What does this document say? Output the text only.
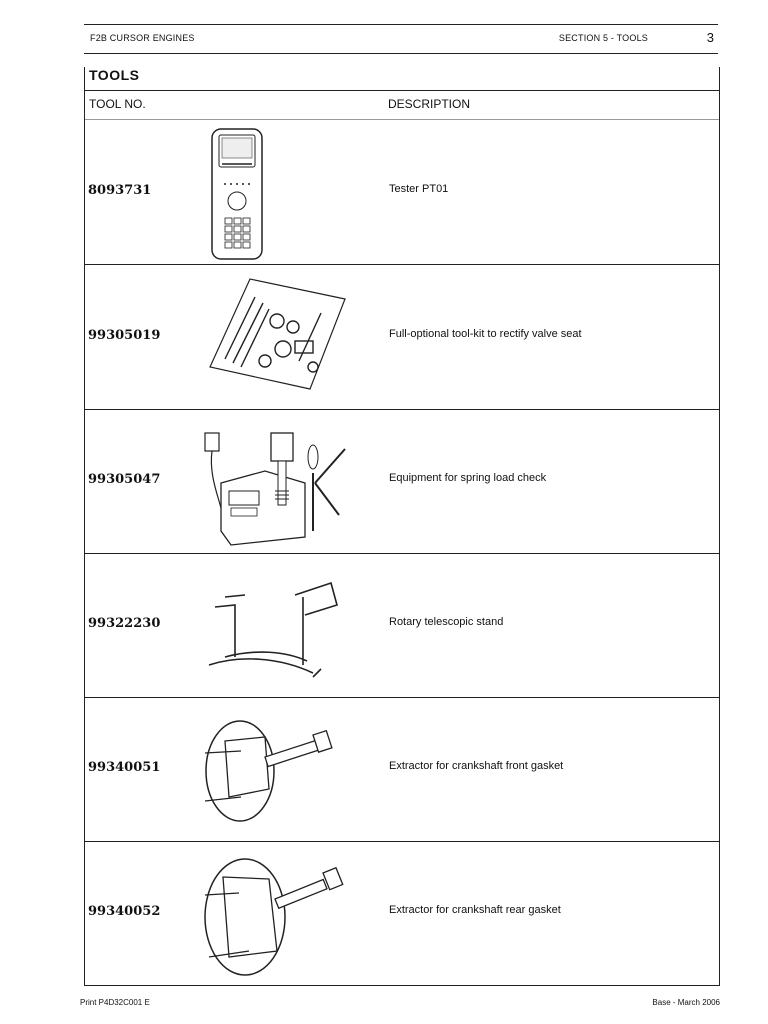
F2B CURSOR ENGINES	SECTION 5 - TOOLS	3
TOOLS
TOOL NO.	DESCRIPTION
8093731	Tester PT01
99305019	Full-optional tool-kit to rectify valve seat
99305047	Equipment for spring load check
99322230	Rotary telescopic stand
99340051	Extractor for crankshaft front gasket
99340052	Extractor for crankshaft rear gasket
Print P4D32C001 E	Base - March 2006
